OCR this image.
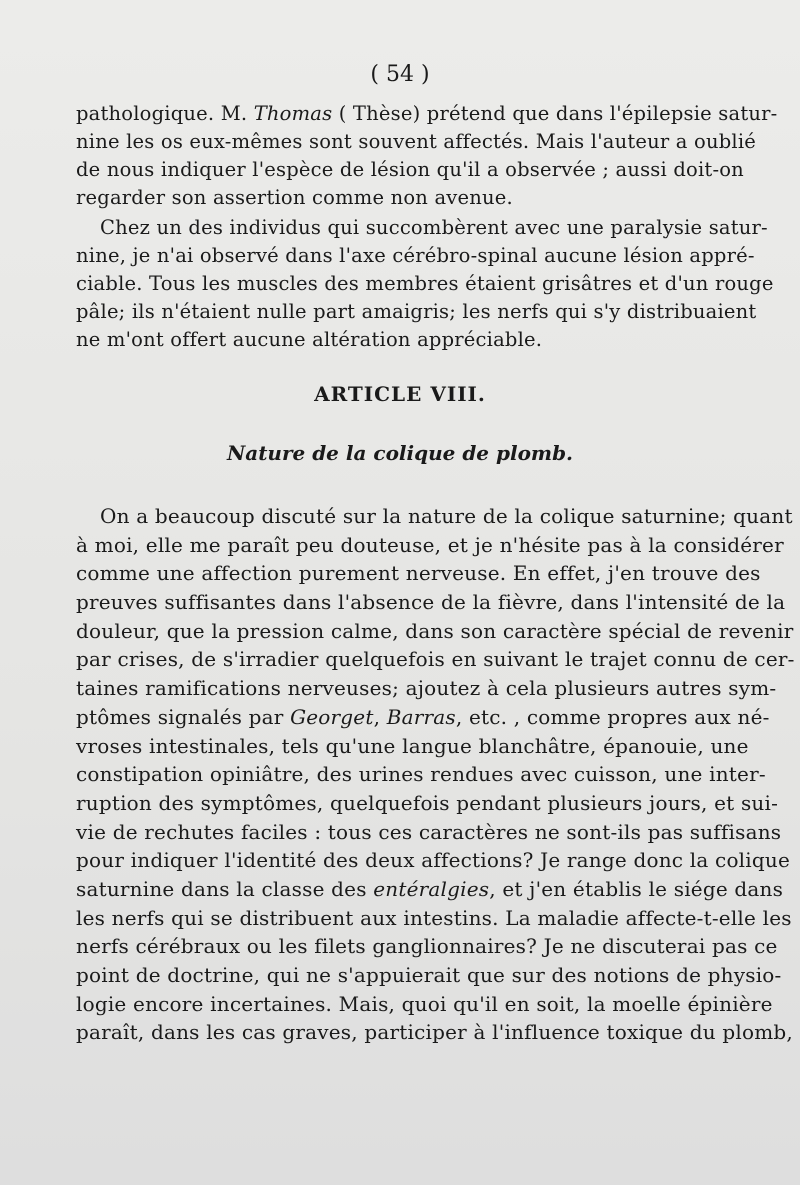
( 54 )
pathologique. M. Thomas ( Thèse) prétend que dans l'épilepsie satur-
nine les os eux-mêmes sont souvent affectés. Mais l'auteur a oublié
de nous indiquer l'espèce de lésion qu'il a observée ; aussi doit-on
regarder son assertion comme non avenue.
Chez un des individus qui succombèrent avec une paralysie satur-
nine, je n'ai observé dans l'axe cérébro-spinal aucune lésion appré-
ciable. Tous les muscles des membres étaient grisâtres et d'un rouge
pâle; ils n'étaient nulle part amaigris; les nerfs qui s'y distribuaient
ne m'ont offert aucune altération appréciable.
ARTICLE VIII.
Nature de la colique de plomb.
On a beaucoup discuté sur la nature de la colique saturnine; quant
à moi, elle me paraît peu douteuse, et je n'hésite pas à la considérer
comme une affection purement nerveuse. En effet, j'en trouve des
preuves suffisantes dans l'absence de la fièvre, dans l'intensité de la
douleur, que la pression calme, dans son caractère spécial de revenir
par crises, de s'irradier quelquefois en suivant le trajet connu de cer-
taines ramifications nerveuses; ajoutez à cela plusieurs autres sym-
ptômes signalés par Georget, Barras, etc. , comme propres aux né-
vroses intestinales, tels qu'une langue blanchâtre, épanouie, une
constipation opiniâtre, des urines rendues avec cuisson, une inter-
ruption des symptômes, quelquefois pendant plusieurs jours, et sui-
vie de rechutes faciles : tous ces caractères ne sont-ils pas suffisans
pour indiquer l'identité des deux affections? Je range donc la colique
saturnine dans la classe des entéralgies, et j'en établis le siége dans
les nerfs qui se distribuent aux intestins. La maladie affecte-t-elle les
nerfs cérébraux ou les filets ganglionnaires? Je ne discuterai pas ce
point de doctrine, qui ne s'appuierait que sur des notions de physio-
logie encore incertaines. Mais, quoi qu'il en soit, la moelle épinière
paraît, dans les cas graves, participer à l'influence toxique du plomb,
